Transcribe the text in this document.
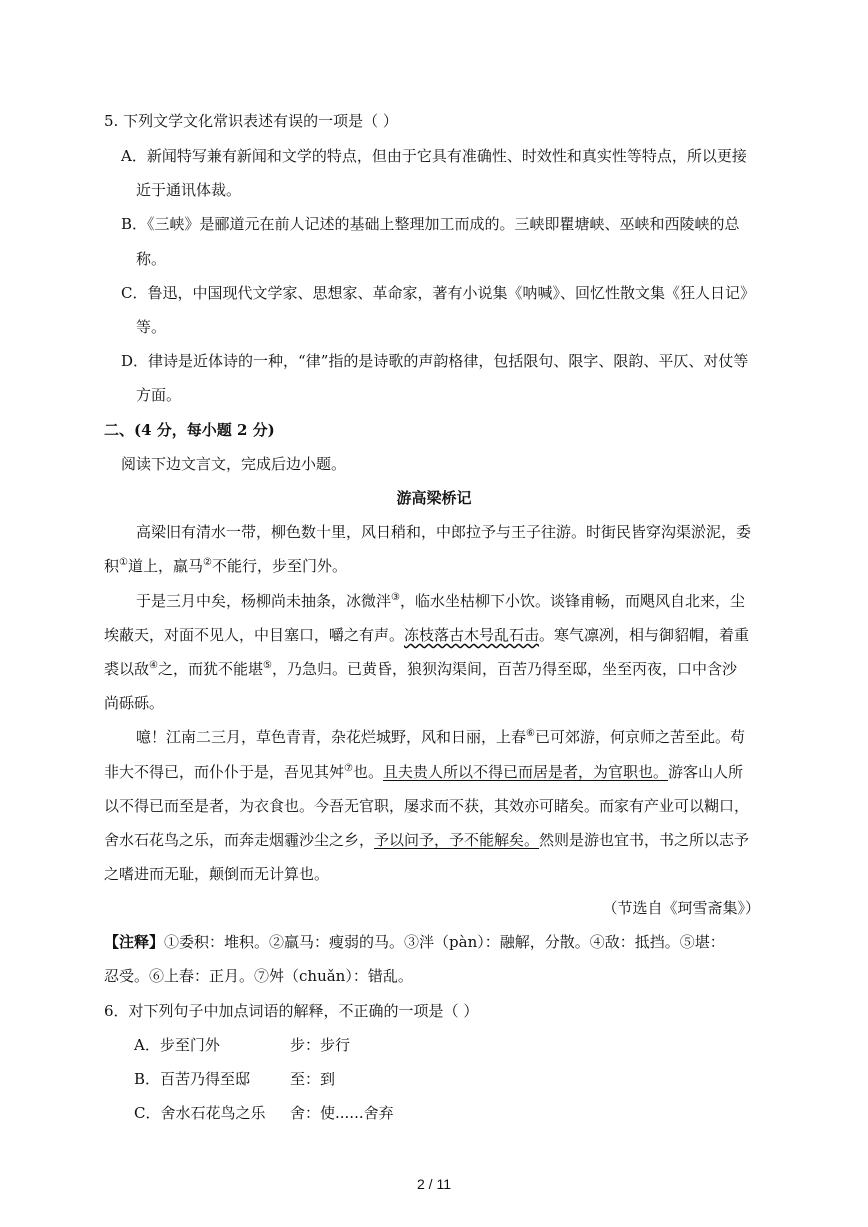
5. 下列文学文化常识表述有误的一项是（ ）
A．新闻特写兼有新闻和文学的特点，但由于它具有准确性、时效性和真实性等特点，所以更接
近于通讯体裁。
B．《三峡》是郦道元在前人记述的基础上整理加工而成的。三峡即瞿塘峡、巫峡和西陵峡的总
称。
C．鲁迅，中国现代文学家、思想家、革命家，著有小说集《呐喊》、回忆性散文集《狂人日记》
等。
D．律诗是近体诗的一种，“律”指的是诗歌的声韵格律，包括限句、限字、限韵、平仄、对仗等
方面。
二、(4 分，每小题 2 分)
阅读下边文言文，完成后边小题。
游高梁桥记
高梁旧有清水一带，柳色数十里，风日稍和，中郎拉予与王子往游。时街民皆穿沟渠淤泥，委
积①道上，羸马②不能行，步至门外。
于是三月中矣，杨柳尚未抽条，冰微泮③，临水坐枯柳下小饮。谈锋甫畅，而飓风自北来，尘
埃蔽天，对面不见人，中目塞口，嚼之有声。冻枝落古木号乱石击。寒气凛冽，相与御貂帽，着重
裘以敌④之，而犹不能堪⑤，乃急归。已黄昏，狼狈沟渠间，百苦乃得至邸，坐至丙夜，口中含沙
尚砾砾。
噫！江南二三月，草色青青，杂花烂城野，风和日丽，上春⑥已可郊游，何京师之苦至此。苟
非大不得已，而仆仆于是，吾见其舛⑦也。且夫贵人所以不得已而居是者，为官职也。游客山人所
以不得已而至是者，为衣食也。今吾无官职，屡求而不获，其效亦可睹矣。而家有产业可以糊口，
舍水石花鸟之乐，而奔走烟霾沙尘之乡，予以问予，予不能解矣。然则是游也宜书，书之所以志予
之嗜进而无耻，颠倒而无计算也。
（节选自《珂雪斋集》）
【注释】①委积：堆积。②羸马：瘦弱的马。③泮（pàn）：融解，分散。④敌：抵挡。⑤堪：
忍受。⑥上春：正月。⑦舛（chuǎn）：错乱。
6．对下列句子中加点词语的解释，不正确的一项是（ ）
A．步至门外	步：步行
B．百苦乃得至邸	至：到
C．舍水石花鸟之乐 舍：使......舍弃
2 / 11
